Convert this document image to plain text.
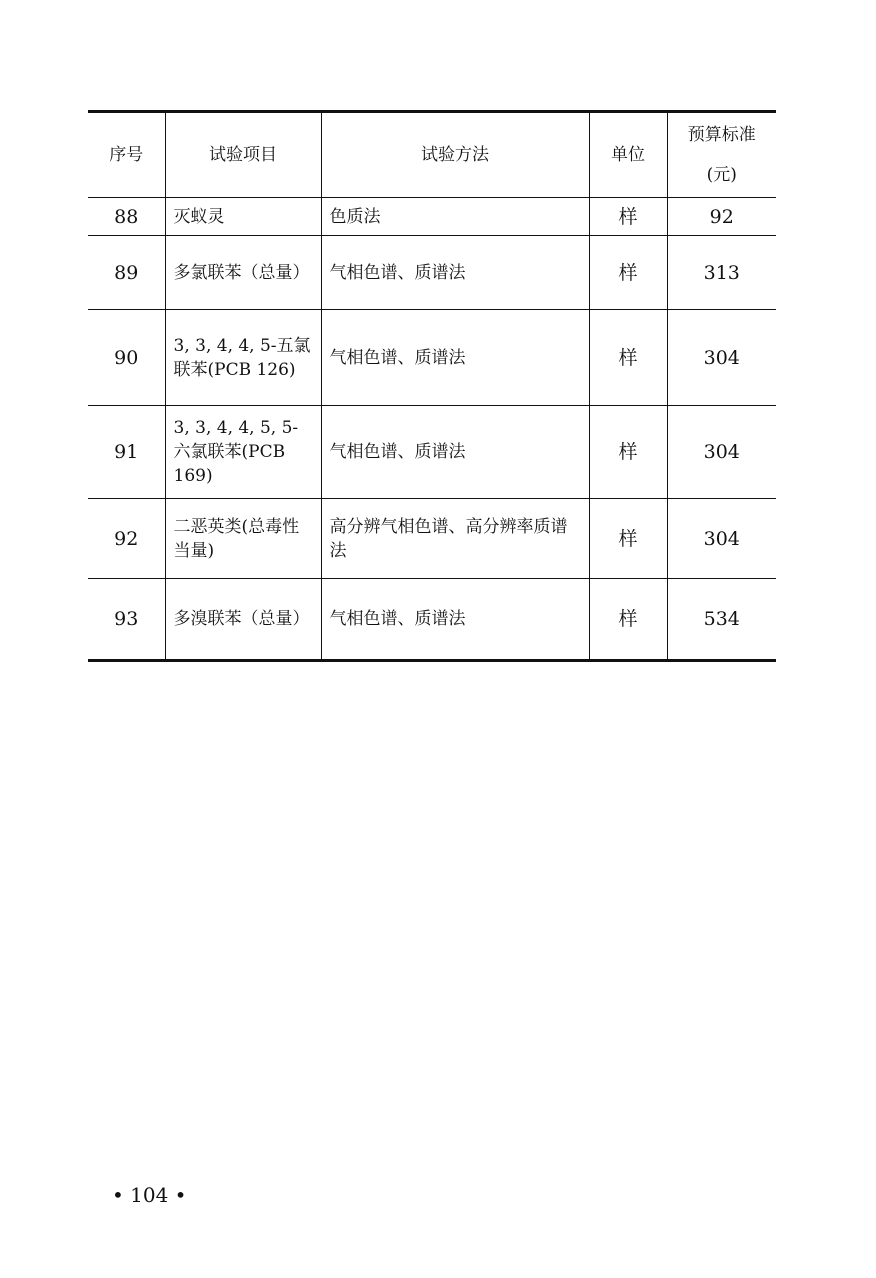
序号	试验项目	试验方法	单位	预算标准
(元)

88	灭蚁灵	色质法	样	92
89	多氯联苯（总量）	气相色谱、质谱法	样	313
90	3, 3, 4, 4, 5-五氯联苯(PCB 126)	气相色谱、质谱法	样	304
91	3, 3, 4, 4, 5, 5-六氯联苯(PCB 169)	气相色谱、质谱法	样	304
92	二恶英类(总毒性当量)	高分辨气相色谱、高分辨率质谱法	样	304
93	多溴联苯（总量）	气相色谱、质谱法	样	534
• 104 •
